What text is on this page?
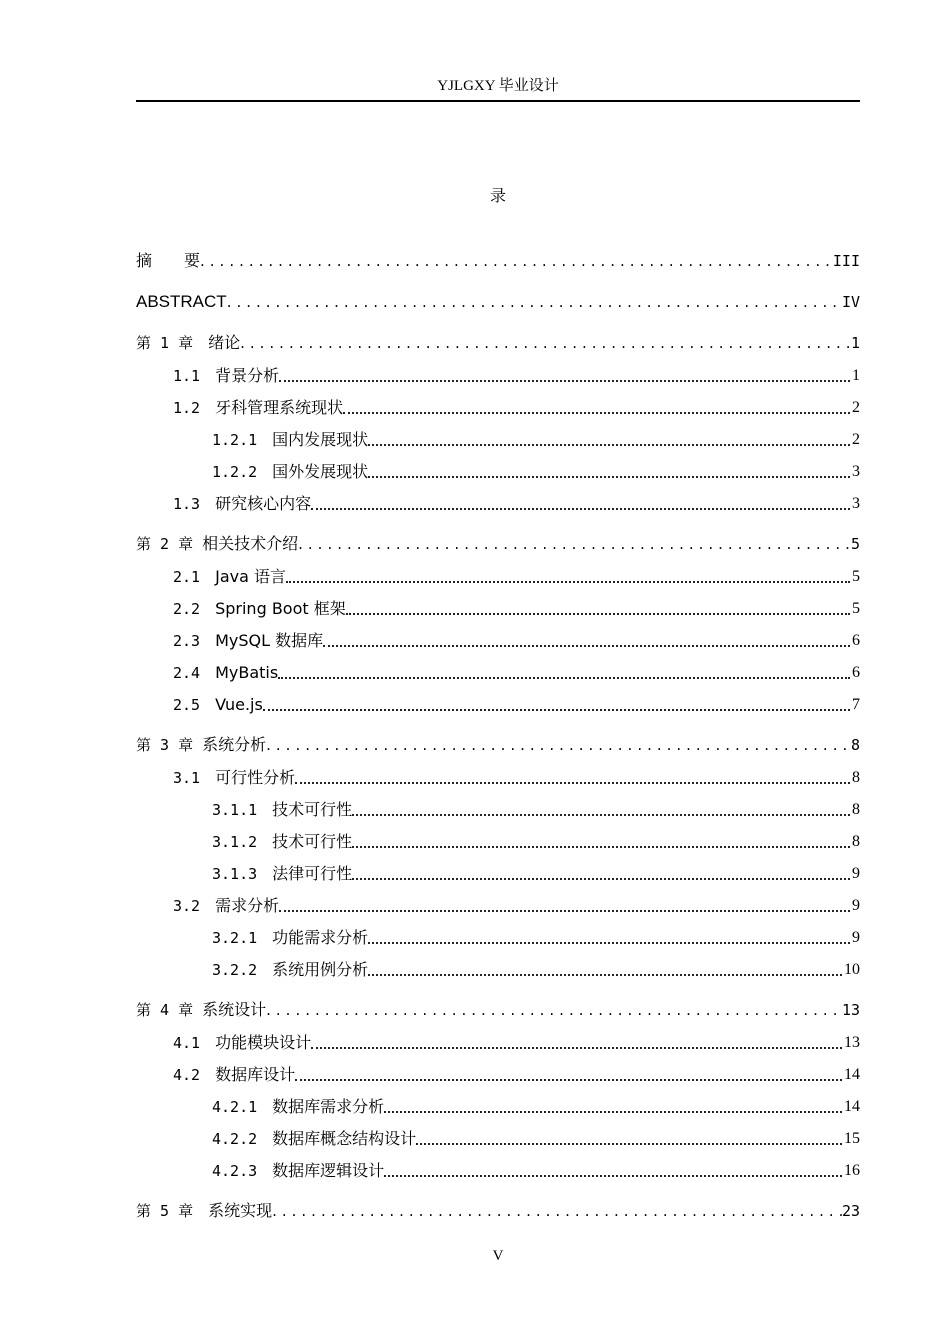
YJLGXY 毕业设计
录
摘　　要 .....	III
ABSTRACT .....	IV
第 1 章　 绪论 .....	1
1.1　 背景分析	1
1.2　 牙科管理系统现状	2
1.2.1　 国内发展现状	2
1.2.2　 国外发展现状	3
1.3　 研究核心内容	3
第 2 章 相关技术介绍 .....	5
2.1　 Java 语言	5
2.2　 Spring Boot 框架	5
2.3　 MySQL 数据库	6
2.4　 MyBatis	6
2.5　 Vue.js	7
第 3 章 系统分析 .....	8
3.1　 可行性分析	8
3.1.1　 技术可行性	8
3.1.2　 技术可行性	8
3.1.3　 法律可行性	9
3.2　 需求分析	9
3.2.1　 功能需求分析	9
3.2.2　 系统用例分析	10
第 4 章 系统设计 .....	13
4.1　 功能模块设计	13
4.2　 数据库设计	14
4.2.1　 数据库需求分析	14
4.2.2　 数据库概念结构设计	15
4.2.3　 数据库逻辑设计	16
第 5 章　 系统实现 .....	23
V
